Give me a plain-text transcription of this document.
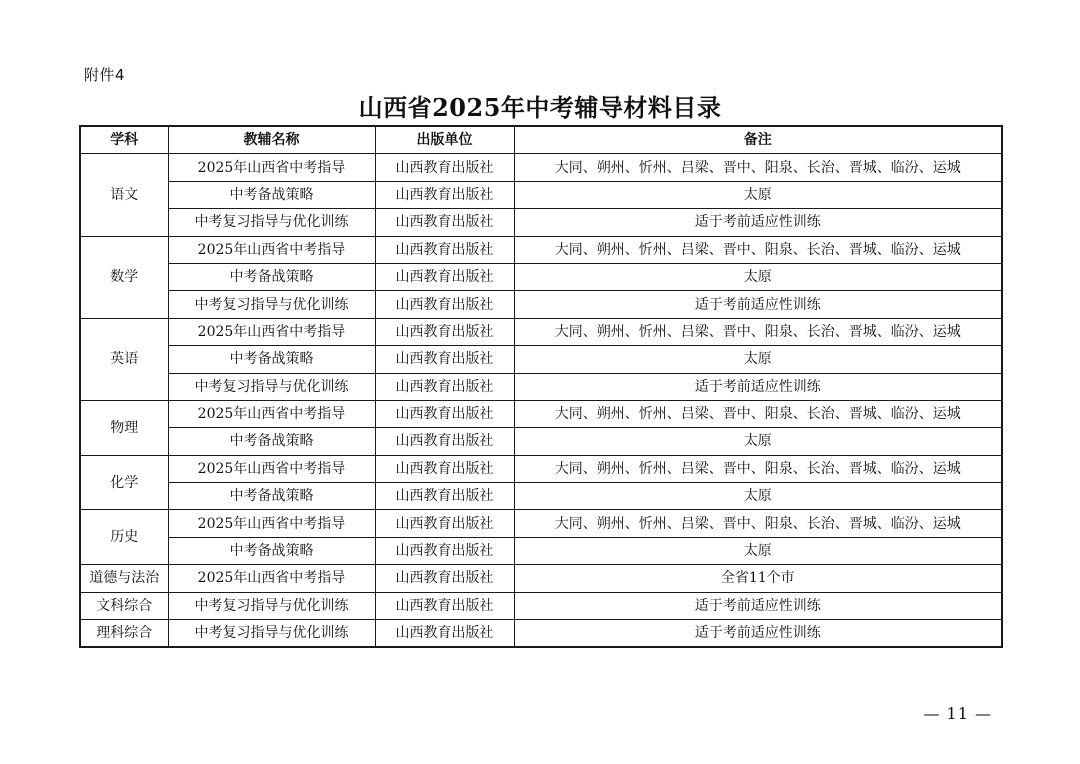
附件4
山西省2025年中考辅导材料目录
学科	教辅名称	出版单位	备注
语文	2025年山西省中考指导	山西教育出版社	大同、朔州、忻州、吕梁、晋中、阳泉、长治、晋城、临汾、运城
	中考备战策略	山西教育出版社	太原
	中考复习指导与优化训练	山西教育出版社	适于考前适应性训练
数学	2025年山西省中考指导	山西教育出版社	大同、朔州、忻州、吕梁、晋中、阳泉、长治、晋城、临汾、运城
	中考备战策略	山西教育出版社	太原
	中考复习指导与优化训练	山西教育出版社	适于考前适应性训练
英语	2025年山西省中考指导	山西教育出版社	大同、朔州、忻州、吕梁、晋中、阳泉、长治、晋城、临汾、运城
	中考备战策略	山西教育出版社	太原
	中考复习指导与优化训练	山西教育出版社	适于考前适应性训练
物理	2025年山西省中考指导	山西教育出版社	大同、朔州、忻州、吕梁、晋中、阳泉、长治、晋城、临汾、运城
	中考备战策略	山西教育出版社	太原
化学	2025年山西省中考指导	山西教育出版社	大同、朔州、忻州、吕梁、晋中、阳泉、长治、晋城、临汾、运城
	中考备战策略	山西教育出版社	太原
历史	2025年山西省中考指导	山西教育出版社	大同、朔州、忻州、吕梁、晋中、阳泉、长治、晋城、临汾、运城
	中考备战策略	山西教育出版社	太原
道德与法治	2025年山西省中考指导	山西教育出版社	全省11个市
文科综合	中考复习指导与优化训练	山西教育出版社	适于考前适应性训练
理科综合	中考复习指导与优化训练	山西教育出版社	适于考前适应性训练
— 11 —
